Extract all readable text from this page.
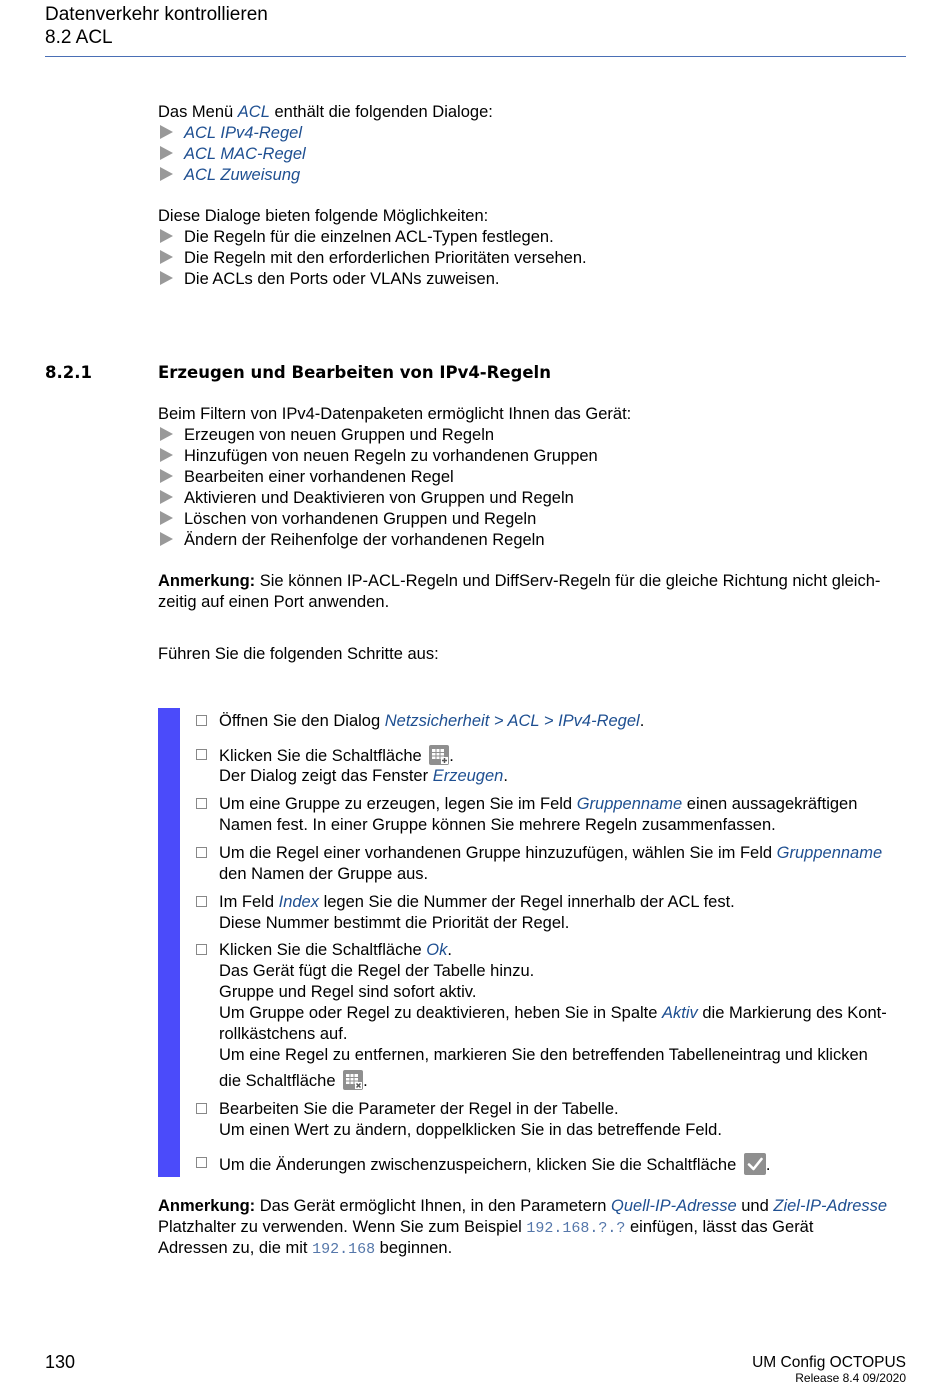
Datenverkehr kontrollieren
8.2 ACL
Das Menü ACL enthält die folgenden Dialoge:
ACL IPv4-Regel
ACL MAC-Regel
ACL Zuweisung
Diese Dialoge bieten folgende Möglichkeiten:
Die Regeln für die einzelnen ACL-Typen festlegen.
Die Regeln mit den erforderlichen Prioritäten versehen.
Die ACLs den Ports oder VLANs zuweisen.
8.2.1	Erzeugen und Bearbeiten von IPv4-Regeln
Beim Filtern von IPv4-Datenpaketen ermöglicht Ihnen das Gerät:
Erzeugen von neuen Gruppen und Regeln
Hinzufügen von neuen Regeln zu vorhandenen Gruppen
Bearbeiten einer vorhandenen Regel
Aktivieren und Deaktivieren von Gruppen und Regeln
Löschen von vorhandenen Gruppen und Regeln
Ändern der Reihenfolge der vorhandenen Regeln
Anmerkung: Sie können IP-ACL-Regeln und DiffServ-Regeln für die gleiche Richtung nicht gleich-
zeitig auf einen Port anwenden.
Führen Sie die folgenden Schritte aus:
Öffnen Sie den Dialog Netzsicherheit > ACL > IPv4-Regel.
Klicken Sie die Schaltfläche .
Der Dialog zeigt das Fenster Erzeugen.
Um eine Gruppe zu erzeugen, legen Sie im Feld Gruppenname einen aussagekräftigen
Namen fest. In einer Gruppe können Sie mehrere Regeln zusammenfassen.
Um die Regel einer vorhandenen Gruppe hinzuzufügen, wählen Sie im Feld Gruppenname
den Namen der Gruppe aus.
Im Feld Index legen Sie die Nummer der Regel innerhalb der ACL fest.
Diese Nummer bestimmt die Priorität der Regel.
Klicken Sie die Schaltfläche Ok.
Das Gerät fügt die Regel der Tabelle hinzu.
Gruppe und Regel sind sofort aktiv.
Um Gruppe oder Regel zu deaktivieren, heben Sie in Spalte Aktiv die Markierung des Kont-
rollkästchens auf.
Um eine Regel zu entfernen, markieren Sie den betreffenden Tabelleneintrag und klicken
die Schaltfläche .
Bearbeiten Sie die Parameter der Regel in der Tabelle.
Um einen Wert zu ändern, doppelklicken Sie in das betreffende Feld.
Um die Änderungen zwischenzuspeichern, klicken Sie die Schaltfläche .
Anmerkung: Das Gerät ermöglicht Ihnen, in den Parametern Quell-IP-Adresse und Ziel-IP-Adresse
Platzhalter zu verwenden. Wenn Sie zum Beispiel 192.168.?.? einfügen, lässt das Gerät
Adressen zu, die mit 192.168 beginnen.
130	UM Config OCTOPUS
Release 8.4 09/2020
